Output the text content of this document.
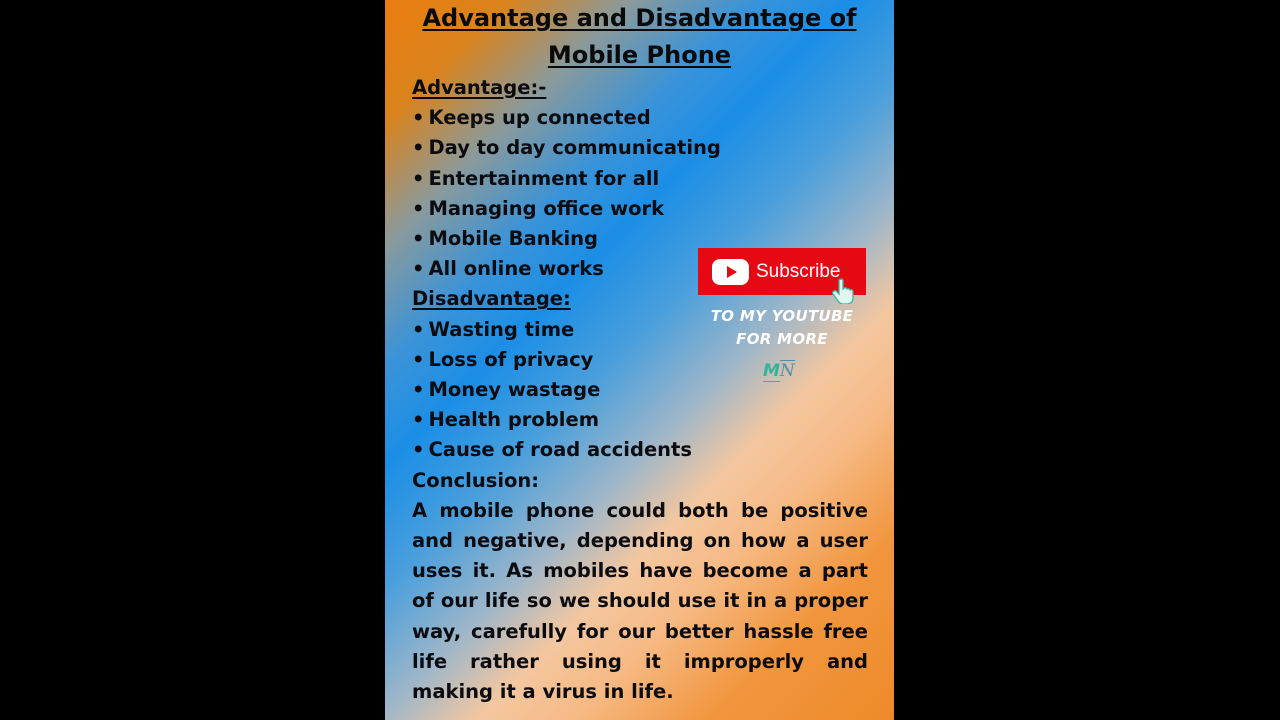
Advantage and Disadvantage of
Mobile Phone
Advantage:-
• Keeps up connected
• Day to day communicating
• Entertainment for all
• Managing office work
• Mobile Banking
• All online works
Disadvantage:
• Wasting time
• Loss of privacy
• Money wastage
• Health problem
• Cause of road accidents
Conclusion:
A mobile phone could both be positive and negative, depending on how a user uses it. As mobiles have become a part of our life so we should use it in a proper way, carefully for our better hassle free life rather using it improperly and making it a virus in life.
Subscribe
TO MY YOUTUBE
FOR MORE
MN
